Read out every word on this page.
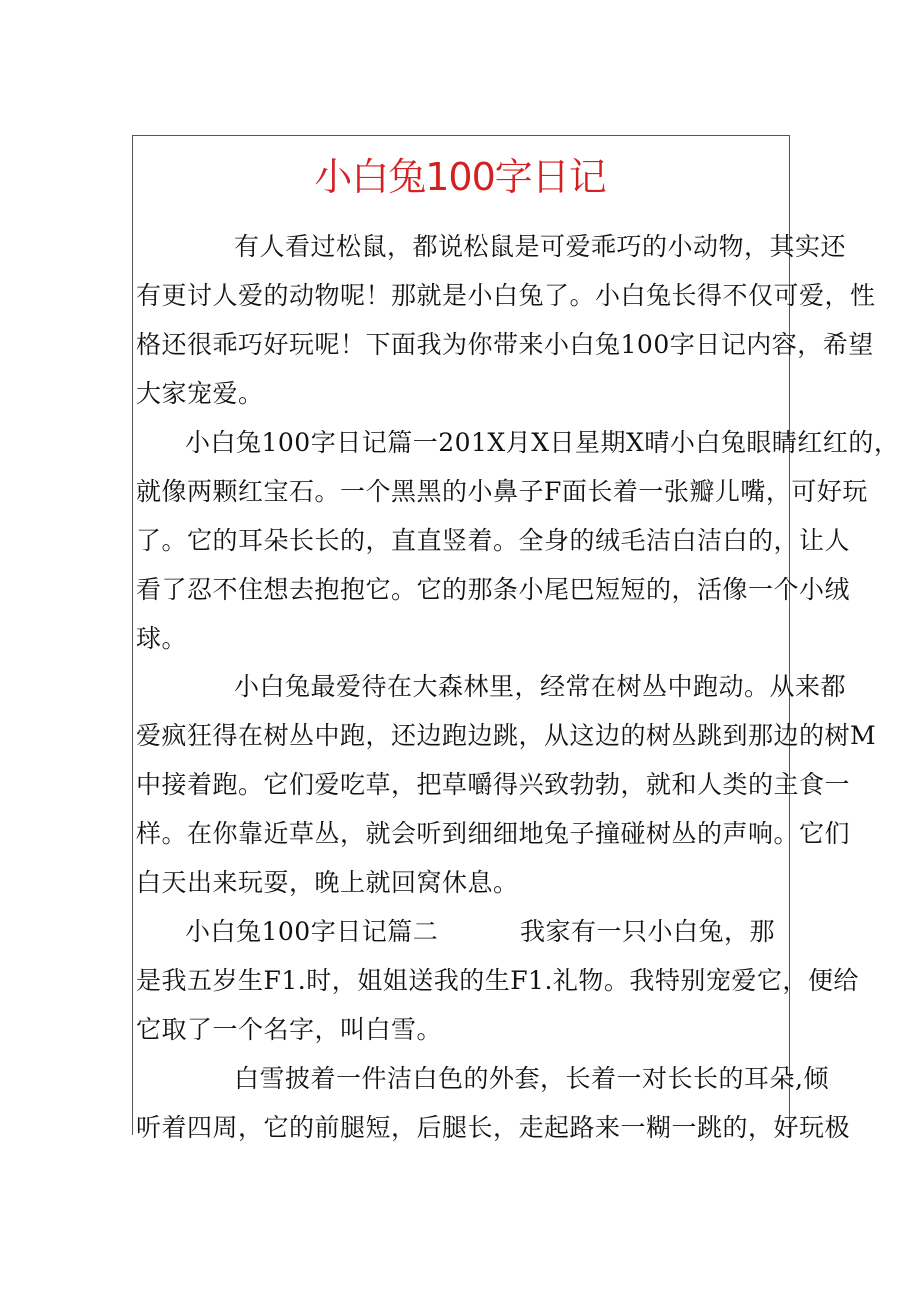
小白兔100字日记
有人看过松鼠，都说松鼠是可爱乖巧的小动物，其实还
有更讨人爱的动物呢！那就是小白兔了。小白兔长得不仅可爱，性
格还很乖巧好玩呢！下面我为你带来小白兔100字日记内容，希望
大家宠爱。
小白兔100字日记篇一201X月X日星期X晴小白兔眼睛红红的，
就像两颗红宝石。一个黑黑的小鼻子F面长着一张瓣儿嘴，可好玩
了。它的耳朵长长的，直直竖着。全身的绒毛洁白洁白的，让人
看了忍不住想去抱抱它。它的那条小尾巴短短的，活像一个小绒
球。
小白兔最爱待在大森林里，经常在树丛中跑动。从来都
爱疯狂得在树丛中跑，还边跑边跳，从这边的树丛跳到那边的树M
中接着跑。它们爱吃草，把草嚼得兴致勃勃，就和人类的主食一
样。在你靠近草丛，就会听到细细地兔子撞碰树丛的声响。它们
白天出来玩耍，晚上就回窝休息。
小白兔100字日记篇二	我家有一只小白兔，那
是我五岁生F1.时，姐姐送我的生F1.礼物。我特别宠爱它，便给
它取了一个名字，叫白雪。
白雪披着一件洁白色的外套，长着一对长长的耳朵,倾
听着四周，它的前腿短，后腿长，走起路来一糊一跳的，好玩极
